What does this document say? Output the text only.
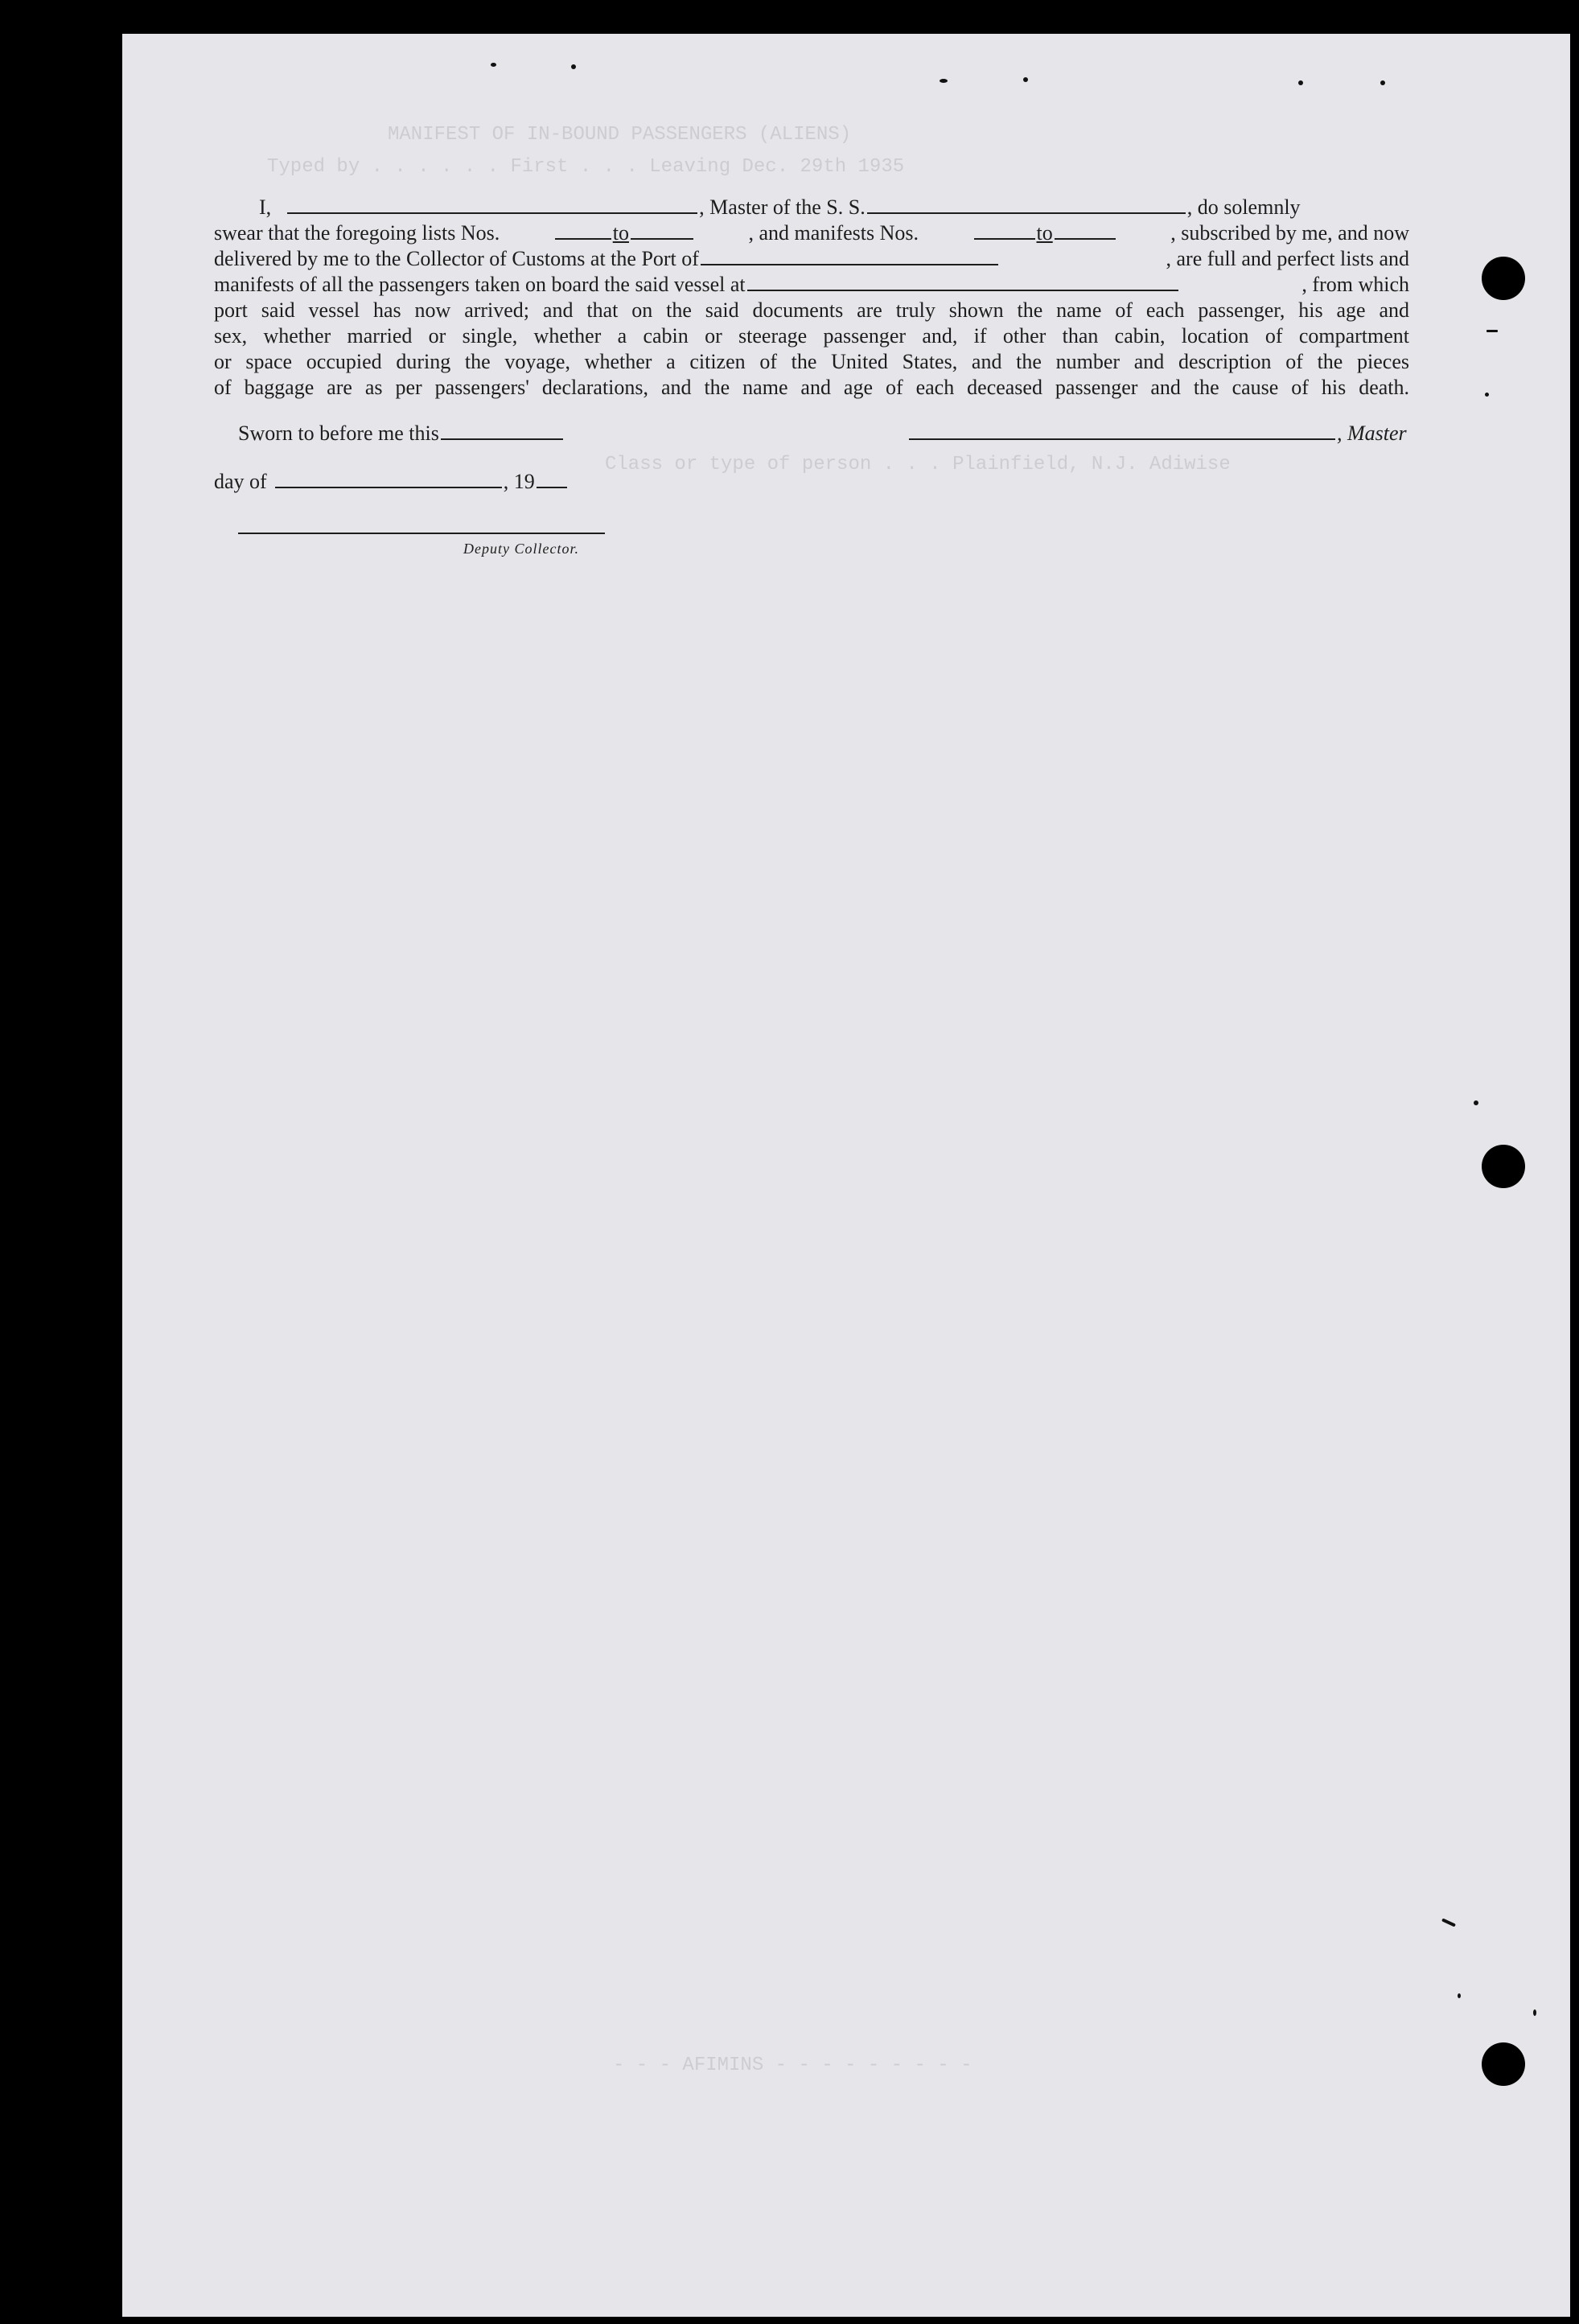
MANIFEST OF IN-BOUND PASSENGERS (ALIENS)
Typed by . . . . . . First . . . Leaving Dec. 29th 1935
Class or type of person . . . Plainfield, N.J. Adiwise
- - - AFIMINS - - - - - - - - -
I,	, Master of the S. S.	, do solemnly
swear that the foregoing lists Nos.	to	, and manifests Nos.	to	, subscribed by me, and now
delivered by me to the Collector of Customs at the Port of	, are full and perfect lists and
manifests of all the passengers taken on board the said vessel at	, from which
port said vessel has now arrived; and that on the said documents are truly shown the name of each passenger, his age and
sex, whether married or single, whether a cabin or steerage passenger and, if other than cabin, location of compartment
or space occupied during the voyage, whether a citizen of the United States, and the number and description of the pieces
of baggage are as per passengers' declarations, and the name and age of each deceased passenger and the cause of his death.
Sworn to before me this	, Master
day of	, 19
Deputy Collector.
